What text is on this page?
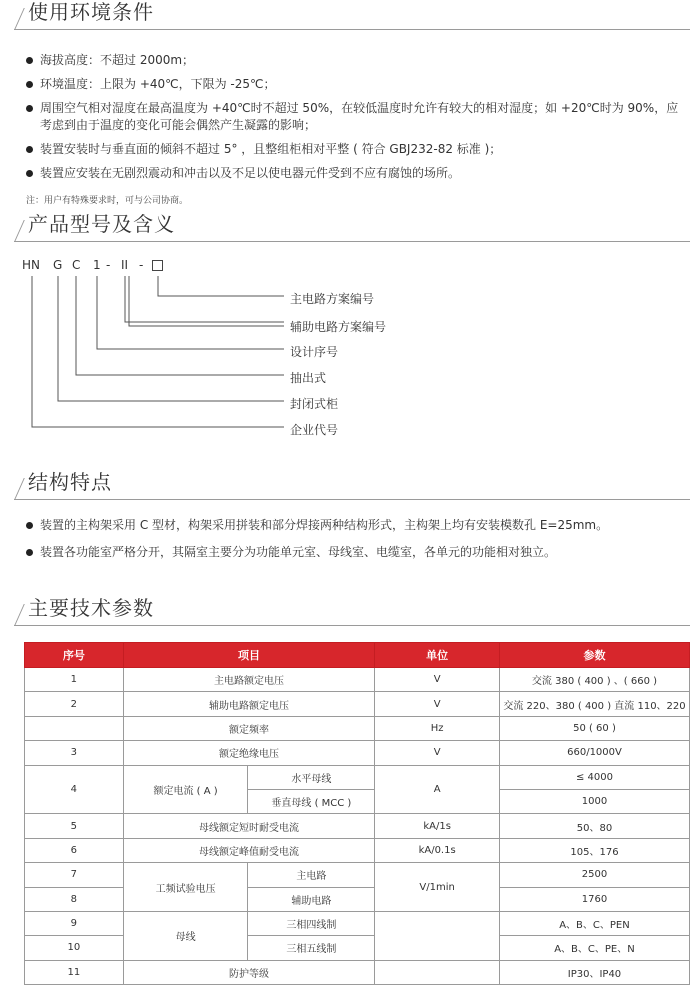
使用环境条件
海拔高度：不超过 2000m；
环境温度：上限为 +40℃，下限为 -25℃；
周围空气相对湿度在最高温度为 +40℃时不超过 50%，在较低温度时允许有较大的相对湿度；如 +20℃时为 90%，应考虑到由于温度的变化可能会偶然产生凝露的影响；
装置安装时与垂直面的倾斜不超过 5° ，且整组柜相对平整 ( 符合 GBJ232-82 标准 )；
装置应安装在无剧烈震动和冲击以及不足以使电器元件受到不应有腐蚀的场所。
注：用户有特殊要求时，可与公司协商。
产品型号及含义
HN G C 1 - II -
主电路方案编号
辅助电路方案编号
设计序号
抽出式
封闭式柜
企业代号
结构特点
装置的主构架采用 C 型材，构架采用拼装和部分焊接两种结构形式，主构架上均有安装模数孔 E=25mm。
装置各功能室严格分开，其隔室主要分为功能单元室、母线室、电缆室，各单元的功能相对独立。
主要技术参数
序号	项目		单位	参数
1	主电路额定电压		V	交流 380 ( 400 ) 、( 660 )
2	辅助电路额定电压		V	交流 220、380 ( 400 ) 直流 110、220
	额定频率		Hz	50 ( 60 )
3	额定绝缘电压		V	660/1000V
4	额定电流 ( A )	水平母线	A	≤ 4000
		垂直母线 ( MCC )		1000
5	母线额定短时耐受电流		kA/1s	50、80
6	母线额定峰值耐受电流		kA/0.1s	105、176
7	工频试验电压	主电路	V/1min	2500
8		辅助电路		1760
9	母线	三相四线制		A、B、C、PEN
10		三相五线制		A、B、C、PE、N
11	防护等级			IP30、IP40
